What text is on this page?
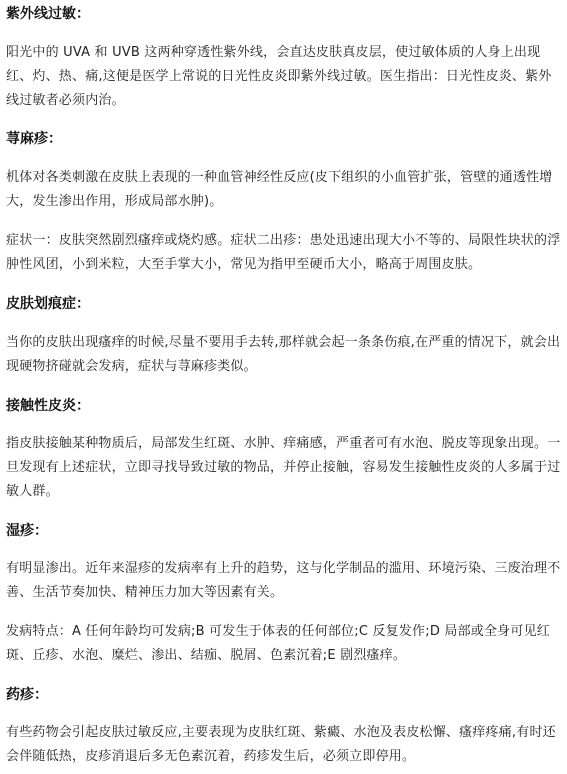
紫外线过敏：

阳光中的 UVA 和 UVB 这两种穿透性紫外线，会直达皮肤真皮层，使过敏体质的人身上出现红、灼、热、痛,这便是医学上常说的日光性皮炎即紫外线过敏。医生指出：日光性皮炎、紫外线过敏者必须内治。

荨麻疹：

机体对各类刺激在皮肤上表现的一种血管神经性反应(皮下组织的小血管扩张，管壁的通透性增大，发生渗出作用，形成局部水肿)。

症状一：皮肤突然剧烈瘙痒或烧灼感。症状二出疹：患处迅速出现大小不等的、局限性块状的浮肿性风团，小到米粒，大至手掌大小，常见为指甲至硬币大小，略高于周围皮肤。

皮肤划痕症：

当你的皮肤出现瘙痒的时候,尽量不要用手去转,那样就会起一条条伤痕,在严重的情况下，就会出现硬物挤碰就会发病，症状与荨麻疹类似。

接触性皮炎：

指皮肤接触某种物质后，局部发生红斑、水肿、痒痛感，严重者可有水泡、脱皮等现象出现。一旦发现有上述症状，立即寻找导致过敏的物品，并停止接触，容易发生接触性皮炎的人多属于过敏人群。

湿疹：

有明显渗出。近年来湿疹的发病率有上升的趋势，这与化学制品的滥用、环境污染、三废治理不善、生活节奏加快、精神压力加大等因素有关。

发病特点：A 任何年龄均可发病;B 可发生于体表的任何部位;C 反复发作;D 局部或全身可见红斑、丘疹、水泡、糜烂、渗出、结痂、脱屑、色素沉着;E 剧烈瘙痒。

药疹：

有些药物会引起皮肤过敏反应,主要表现为皮肤红斑、紫癜、水泡及表皮松懈、瘙痒疼痛,有时还会伴随低热，皮疹消退后多无色素沉着，药疹发生后，必须立即停用。
